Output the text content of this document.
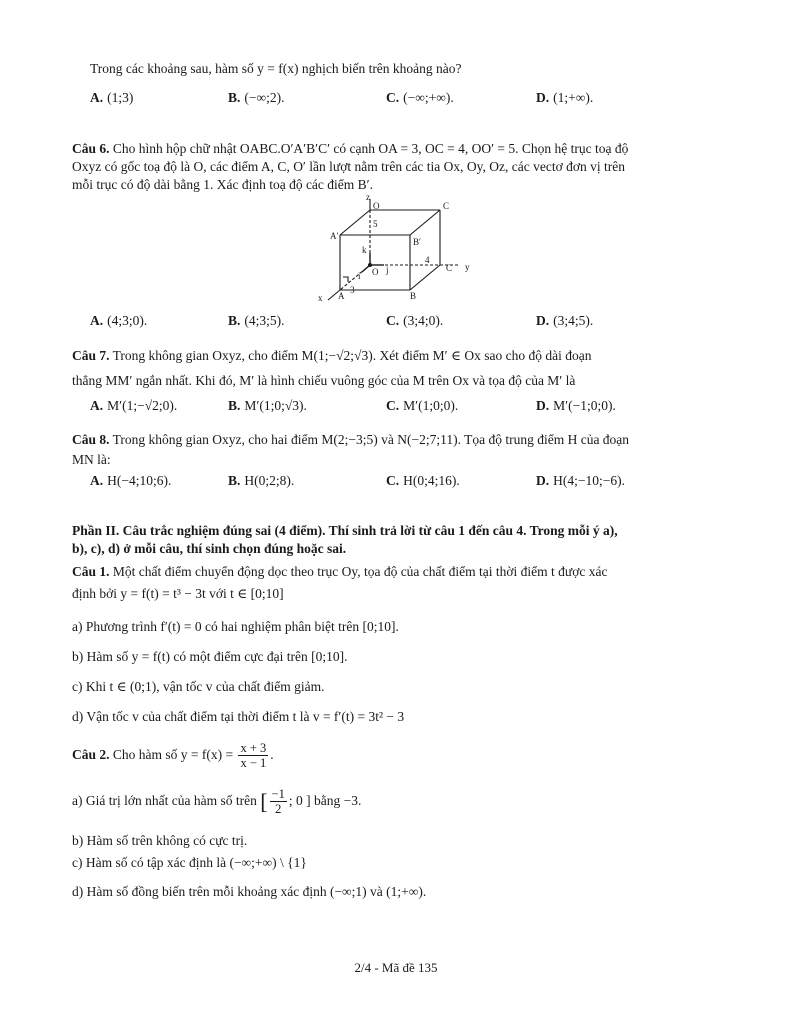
Trong các khoảng sau, hàm số y = f(x) nghịch biến trên khoảng nào?
A. (1;3)	B. (−∞;2).	C. (−∞;+∞).	D. (1;+∞).
Câu 6. Cho hình hộp chữ nhật OABC.O′A′B′C′ có cạnh OA = 3, OC = 4, OO′ = 5. Chọn hệ trục toạ độ
Oxyz có gốc toạ độ là O, các điểm A, C, O′ lần lượt nằm trên các tia Ox, Oy, Oz, các vectơ đơn vị trên
mỗi trục có độ dài bằng 1. Xác định toạ độ các điểm B′.
z
y
x
O	C
A′
B′
O
A	B
C
k
i
j
5
4
3
A. (4;3;0).	B. (4;3;5).	C. (3;4;0).	D. (3;4;5).
Câu 7. Trong không gian Oxyz, cho điểm M(1;−√2;√3). Xét điểm M′ ∈ Ox sao cho độ dài đoạn
thẳng MM′ ngắn nhất. Khi đó, M′ là hình chiếu vuông góc của M trên Ox và tọa độ của M′ là
A. M′(1;−√2;0).	B. M′(1;0;√3).	C. M′(1;0;0).	D. M′(−1;0;0).
Câu 8. Trong không gian Oxyz, cho hai điểm M(2;−3;5) và N(−2;7;11). Tọa độ trung điểm H của đoạn
MN là:
A. H(−4;10;6).	B. H(0;2;8).	C. H(0;4;16).	D. H(4;−10;−6).
Phần II. Câu trắc nghiệm đúng sai (4 điểm). Thí sinh trả lời từ câu 1 đến câu 4. Trong mỗi ý a),
b), c), d) ở mỗi câu, thí sinh chọn đúng hoặc sai.
Câu 1. Một chất điểm chuyển động dọc theo trục Oy, tọa độ của chất điểm tại thời điểm t được xác
định bởi y = f(t) = t³ − 3t với t ∈ [0;10]
a) Phương trình f′(t) = 0 có hai nghiệm phân biệt trên [0;10].
b) Hàm số y = f(t) có một điểm cực đại trên [0;10].
c) Khi t ∈ (0;1), vận tốc v của chất điểm giảm.
d) Vận tốc v của chất điểm tại thời điểm t là v = f′(t) = 3t² − 3
Câu 2. Cho hàm số $y = f(x) = \frac{x + 3}{x - 1}$ .
a) Giá trị lớn nhất của hàm số trên [ $\frac{-1}{2}$ ; 0 ] bằng −3.
b) Hàm số trên không có cực trị.
c) Hàm số có tập xác định là (−∞;+∞) \ {1}
d) Hàm số đồng biến trên mỗi khoảng xác định (−∞;1) và (1;+∞).
2/4 - Mã đề 135
